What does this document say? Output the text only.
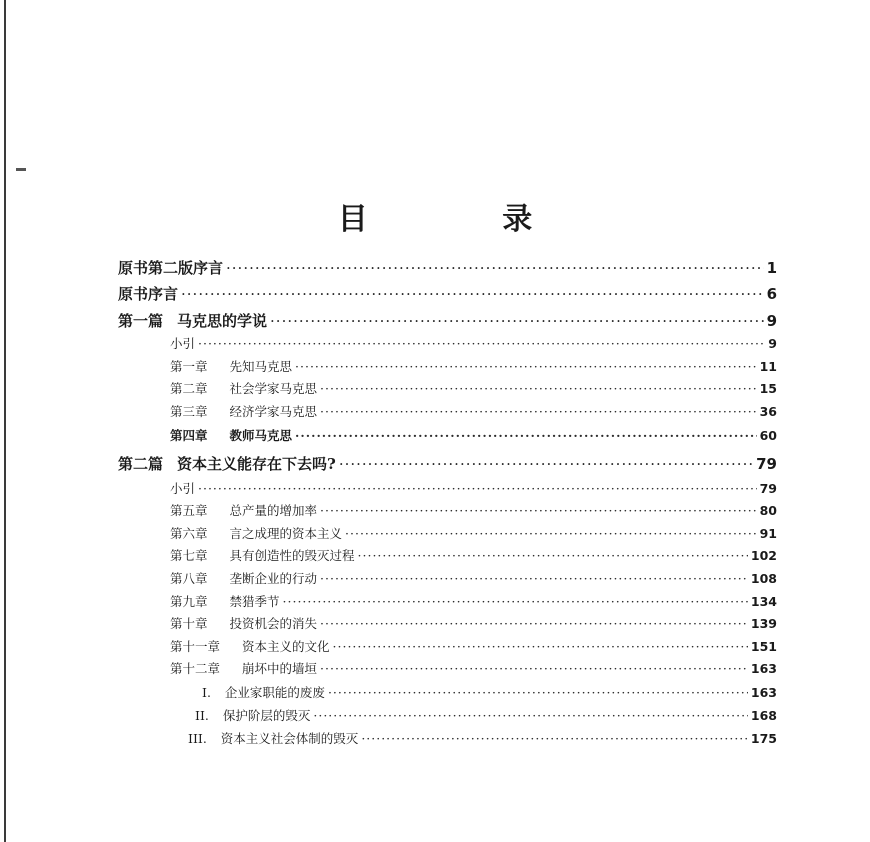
目 录
原书第二版序言 ·····	1
原书序言 ·····	6
第一篇 马克思的学说 ·····	9
小引 ·····	9
第一章 先知马克思 ·····	11
第二章 社会学家马克思 ·····	15
第三章 经济学家马克思 ·····	36
第四章 教师马克思 ·····	60
第二篇 资本主义能存在下去吗? ·····	79
小引 ·····	79
第五章 总产量的增加率 ·····	80
第六章 言之成理的资本主义 ·····	91
第七章 具有创造性的毁灭过程 ·····	102
第八章 垄断企业的行动 ·····	108
第九章 禁猎季节 ·····	134
第十章 投资机会的消失 ·····	139
第十一章 资本主义的文化 ·····	151
第十二章 崩坏中的墙垣 ·····	163
I. 企业家职能的废废 ·····	163
II. 保护阶层的毁灭 ·····	168
III. 资本主义社会体制的毁灭 ·····	175
